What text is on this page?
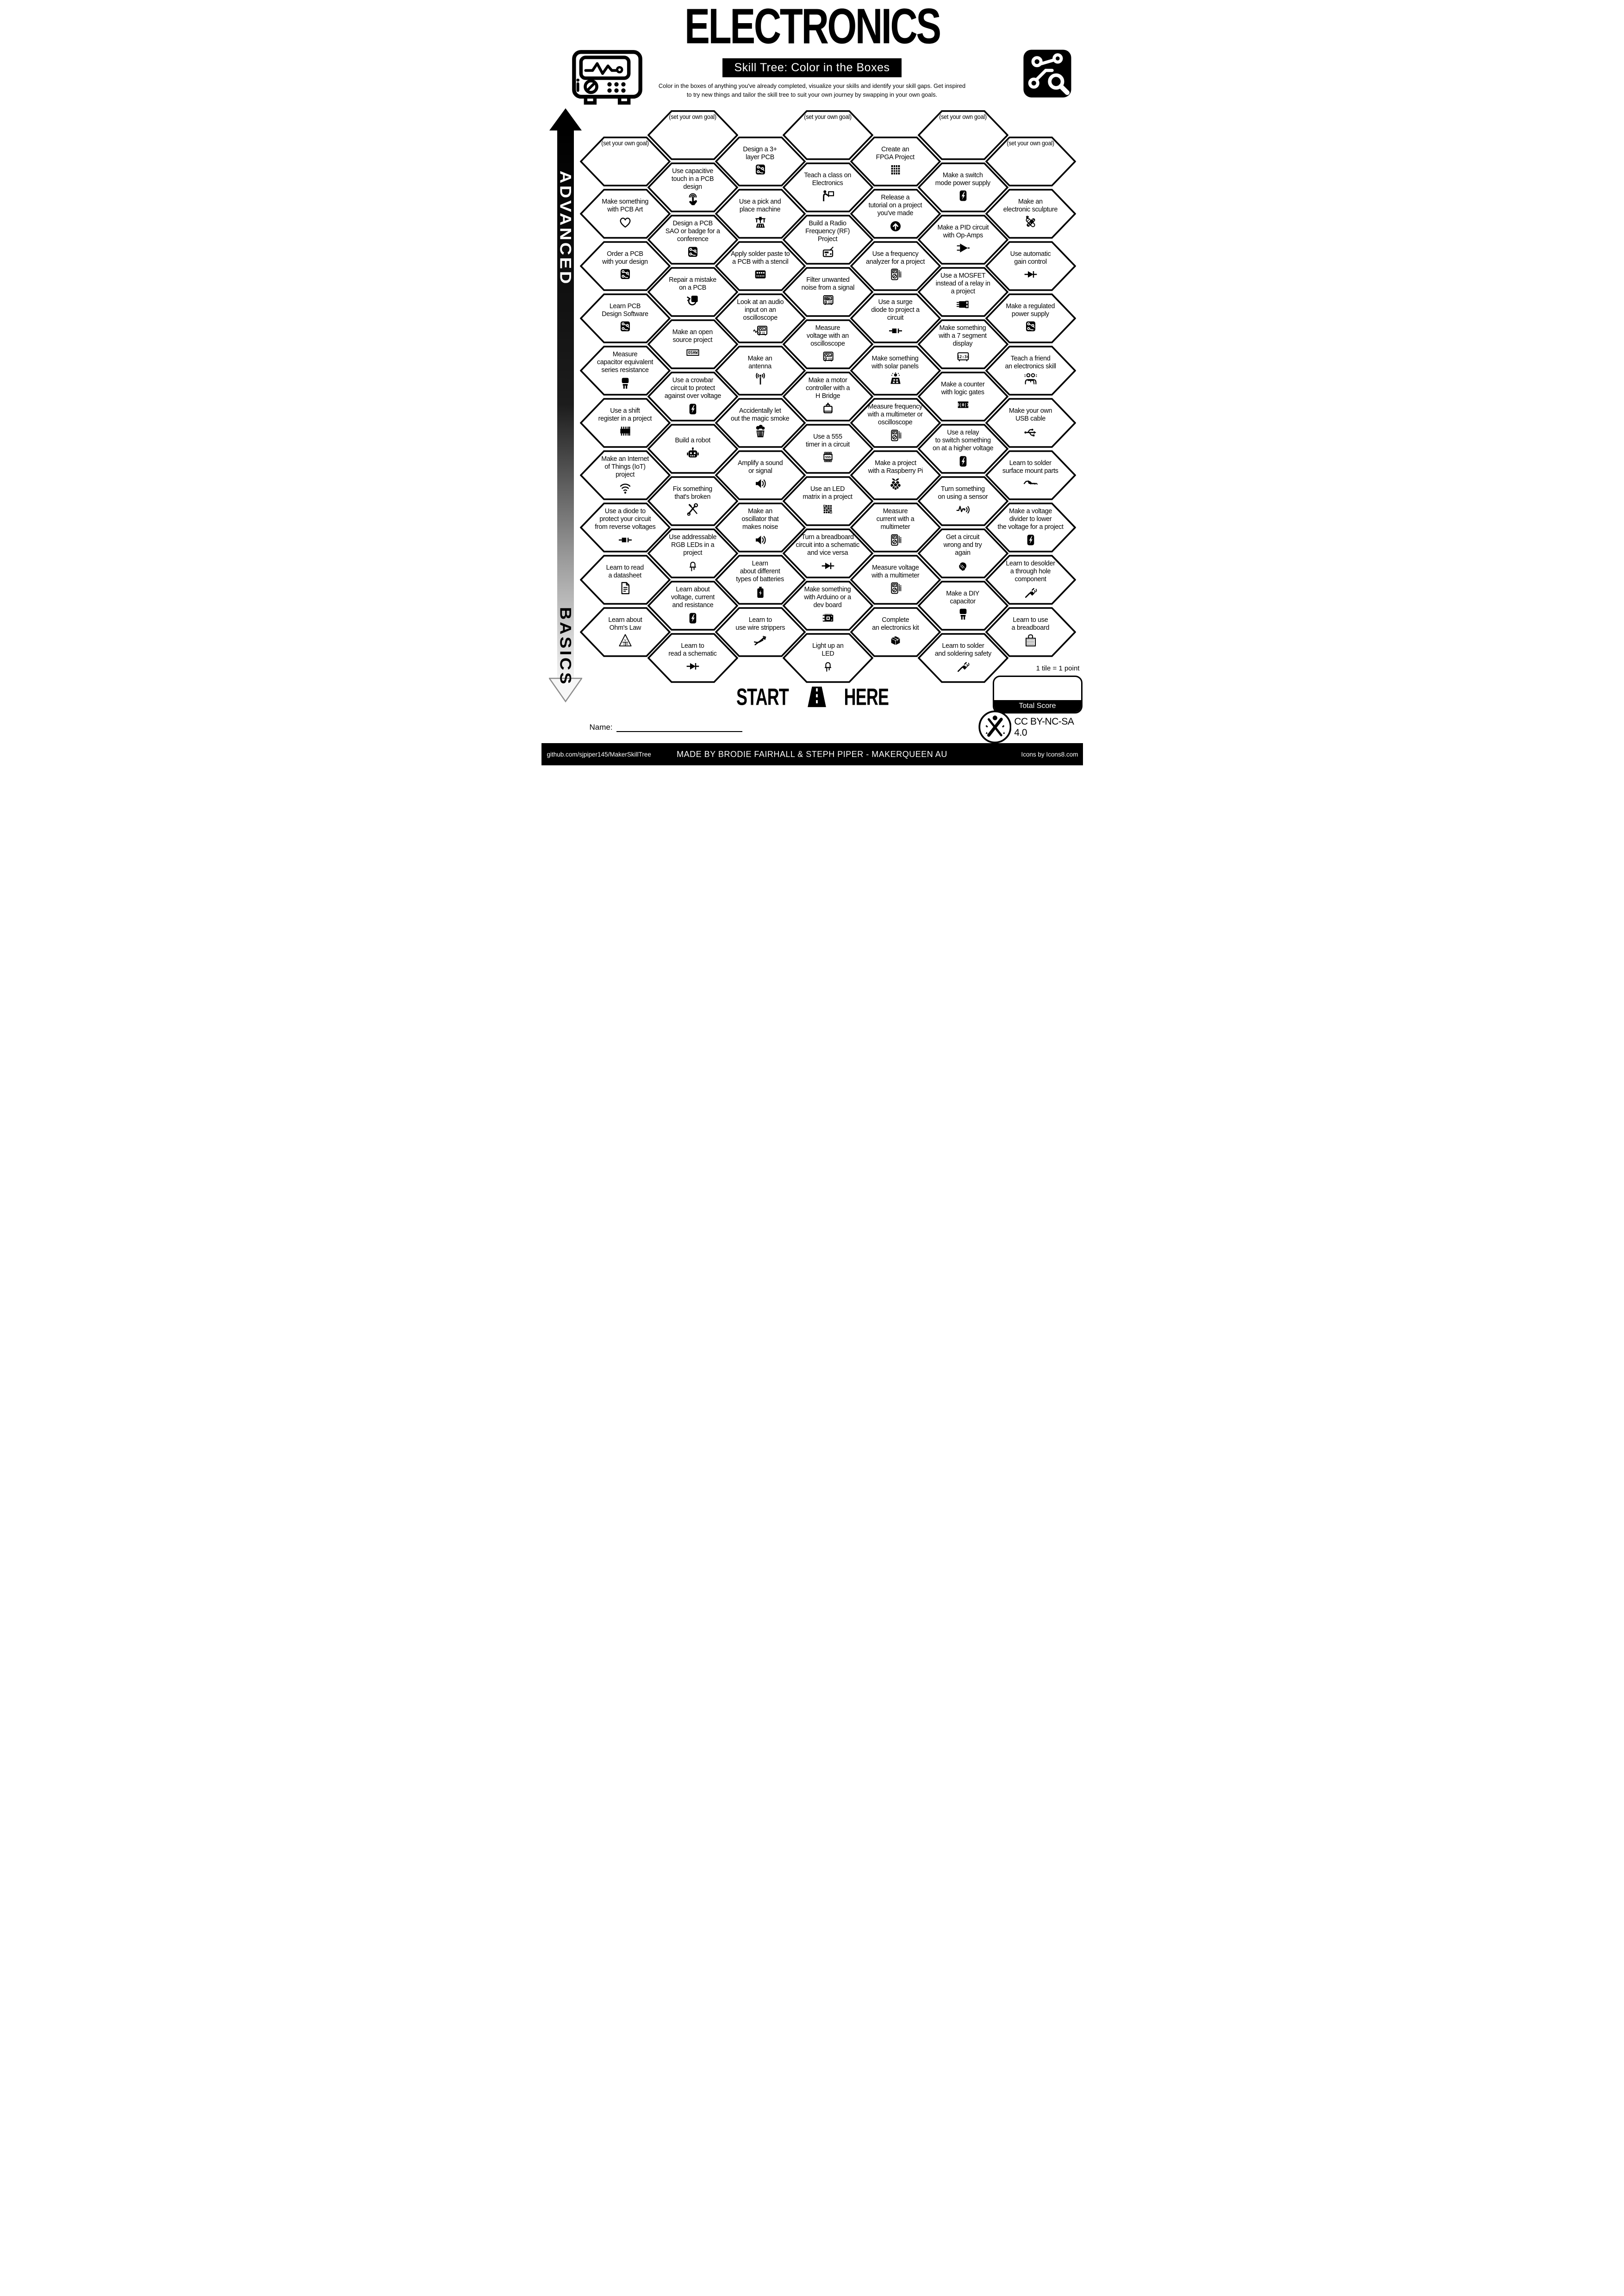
ELECTRONICS
Skill Tree: Color in the Boxes
Color in the boxes of anything you've already completed, visualize your skills and identify your skill gaps. Get inspired
to try new things and tailor the skill tree to suit your own journey by swapping in your own goals.
ADVANCED
BASICS
(set your own goal)
Make something
with PCB Art
Order a PCB
with your design
Learn PCB
Design Software
Measure
capacitor equivalent
series resistance
Use a shift
register in a project
Make an Internet
of Things (IoT)
project
Use a diode to
protect your circuit
from reverse voltages
Learn to read
a datasheet
Learn about
Ohm's Law
V
I R
(set your own goal)
Use capacitive
touch in a PCB
design
Design a PCB
SAO or badge for a
conference
Repair a mistake
on a PCB
Make an open
source project
OSHW
Use a crowbar
circuit to protect
against over voltage
Build a robot
Fix something
that's broken
Use addressable
RGB LEDs in a
project
Learn about
voltage, current
and resistance
Learn to
read a schematic
Design a 3+
layer PCB
Use a pick and
place machine
Apply solder paste to
a PCB with a stencil
Look at an audio
input on an
oscilloscope
Make an
antenna
Accidentally let
out the magic smoke
Amplify a sound
or signal
Make an
oscillator that
makes noise
Learn
about different
types of batteries
Learn to
use wire strippers
(set your own goal)
Teach a class on
Electronics
Build a Radio
Frequency (RF)
Project
Filter unwanted
noise from a signal
Measure
voltage with an
oscilloscope
Make a motor
controller with a
H Bridge
Use a 555
timer in a circuit
555
Use an LED
matrix in a project
Turn a breadboard
circuit into a schematic
and vice versa
Make something
with Arduino or a
dev board
Light up an
LED
Create an
FPGA Project
Release a
tutorial on a project
you've made
Use a frequency
analyzer for a project
Use a surge
diode to project a
circuit
Make something
with solar panels
Measure frequency
with a multimeter or
oscilloscope
Make a project
with a Raspberry Pi
Measure
current with a
multimeter
Measure voltage
with a multimeter
Complete
an electronics kit
(set your own goal)
Make a switch
mode power supply
Make a PID circuit
with Op-Amps
Use a MOSFET
instead of a relay in
a project
Make something
with a 7 segment
display
12:34
Make a counter
with logic gates
0|0|7
Use a relay
to switch something
on at a higher voltage
Turn something
on using a sensor
Get a circuit
wrong and try
again
Make a DIY
capacitor
Learn to solder
and soldering safety
(set your own goal)
Make an
electronic sculpture
Use automatic
gain control
Make a regulated
power supply
Teach a friend
an electronics skill
Make your own
USB cable
Learn to solder
surface mount parts
Make a voltage
divider to lower
the voltage for a project
Learn to desolder
a through hole
component
Learn to use
a breadboard
START	HERE
Name:
1 tile = 1 point
Total Score
CC BY-NC-SA 4.0
github.com/sjpiper145/MakerSkillTree	MADE BY BRODIE FAIRHALL & STEPH PIPER - MAKERQUEEN AU	Icons by Icons8.com
